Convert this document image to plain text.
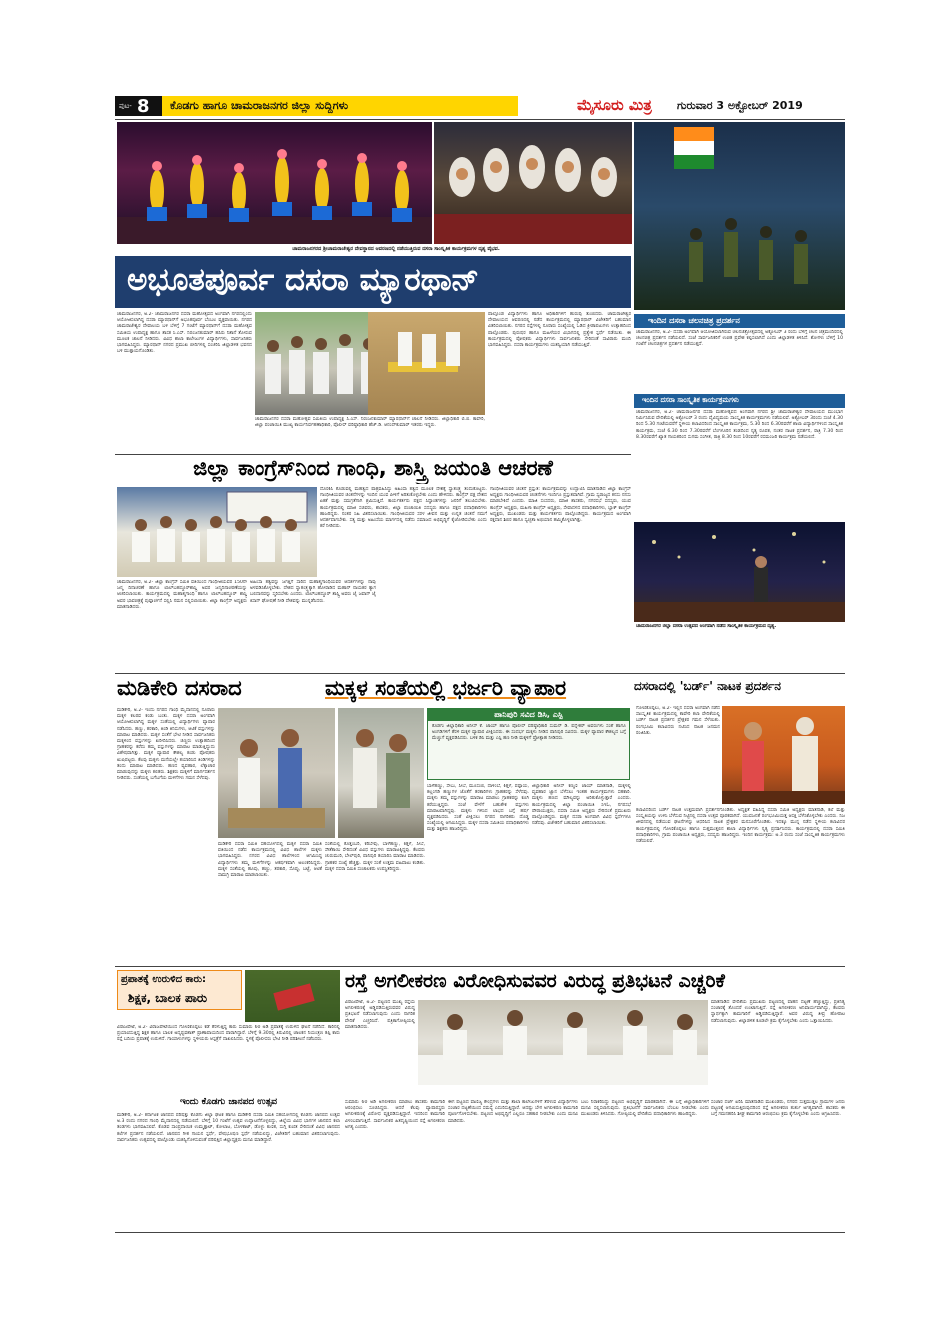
ಪುಟ- 8 ಕೊಡಗು ಹಾಗೂ ಚಾಮರಾಜನಗರ ಜಿಲ್ಲಾ ಸುದ್ದಿಗಳು	ಮೈಸೂರು ಮಿತ್ರ ಗುರುವಾರ 3 ಅಕ್ಟೋಬರ್ 2019
ಚಾಮರಾಜನಗರದ ಶ್ರೀಚಾಮರಾಜೇಶ್ವರ ದೇವಸ್ಥಾನದ ಆವರಣದಲ್ಲಿ ನಡೆಯುತ್ತಿರುವ ದಸರಾ ಸಾಂಸ್ಕೃತಿಕ ಕಾರ್ಯಕ್ರಮಗಳ ದೃಶ್ಯ ವೈಭವ.
ಅಭೂತಪೂರ್ವ ದಸರಾ ಮ್ಯಾರಥಾನ್
ಚಾಮರಾಜನಗರ, ಅ.2- ಚಾಮರಾಜನಗರ ದಸರಾ ಮಹೋತ್ಸವದ ಅಂಗವಾಗಿ ನಗರದಲ್ಲಿಂದು ಆಯೋಜಿಸಲಾಗಿದ್ದ ದಸರಾ ಮ್ಯಾರಥಾನ್‌ಗೆ ಅಭೂತಪೂರ್ವ ಬೆಂಬಲ ವ್ಯಕ್ತವಾಯಿತು. ನಗರದ ಚಾಮರಾಜೇಶ್ವರ ದೇವಾಲಯ ಬಳಿ ಬೆಳಿಗ್ಗೆ 7 ಗಂಟೆಗೆ ಮ್ಯಾರಥಾನ್‌ಗೆ ದಸರಾ ಮಹೋತ್ಸವ ಸಮಿತಿಯ ಉಪಾಧ್ಯಕ್ಷ ಹಾಗೂ ಶಾಸಕ ಸಿ.ಎಸ್. ನಿರಂಜನಕುಮಾರ್ ಹಸಿರು ನಿಶಾನೆ ತೋರುವ ಮೂಲಕ ಚಾಲನೆ ನೀಡಿದರು. ವಿವಿಧ ಶಾಲಾ ಕಾಲೇಜುಗಳ ವಿದ್ಯಾರ್ಥಿಗಳು, ಸಾರ್ವಜನಿಕರು ಭಾಗವಹಿಸಿದ್ದರು. ಮ್ಯಾರಥಾನ್ ನಗರದ ಪ್ರಮುಖ ಬೀದಿಗಳಲ್ಲಿ ಸಂಚರಿಸಿ ಜಿಲ್ಲಾಡಳಿತ ಭವನದ ಬಳಿ ಮುಕ್ತಾಯಗೊಂಡಿತು.
ಚಾಮರಾಜನಗರ ದಸರಾ ಮಹೋತ್ಸವ ಸಮಿತಿಯ ಉಪಾಧ್ಯಕ್ಷ ಸಿ.ಎಸ್. ನಿರಂಜನಕುಮಾರ್ ಮ್ಯಾರಥಾನ್‌ಗೆ ಚಾಲನೆ ನೀಡಿದರು. ಜಿಲ್ಲಾಧಿಕಾರಿ ಬಿ.ಬಿ. ಕಾವೇರಿ, ಜಿಲ್ಲಾ ಪಂಚಾಯಿತಿ ಮುಖ್ಯ ಕಾರ್ಯನಿರ್ವಹಣಾಧಿಕಾರಿ, ಪೊಲೀಸ್ ವರಿಷ್ಠಾಧಿಕಾರಿ ಹೆಚ್.ಡಿ. ಆನಂದ್‌ಕುಮಾರ್ ಇತರರು ಇದ್ದರು.
ಪಾಲ್ಗೊಂಡ ವಿದ್ಯಾರ್ಥಿಗಳು ಹಾಗೂ ಅಧಿಕಾರಿಗಳಿಗೆ ಹುರುಪು ತುಂಬಿದರು. ಚಾಮರಾಜೇಶ್ವರ ದೇವಾಲಯದ ಆವರಣದಲ್ಲಿ ನಡೆದ ಕಾರ್ಯಕ್ರಮದಲ್ಲಿ ಮ್ಯಾರಥಾನ್ ವಿಜೇತರಿಗೆ ಬಹುಮಾನ ವಿತರಿಸಲಾಯಿತು. ನಗರದ ರಸ್ತೆಗಳಲ್ಲಿ ನೂರಾರು ಸಂಖ್ಯೆಯಲ್ಲಿ ಓಡಿದ ಕ್ರೀಡಾಪಟುಗಳು ಉತ್ಸಾಹದಿಂದ ಪಾಲ್ಗೊಂಡರು. ಪುರುಷರ ಹಾಗೂ ಮಹಿಳೆಯರ ವಿಭಾಗದಲ್ಲಿ ಪ್ರತ್ಯೇಕ ಸ್ಪರ್ಧೆ ನಡೆಯಿತು. ಈ ಕಾರ್ಯಕ್ರಮದಲ್ಲಿ ಪೋಷಕರು ವಿದ್ಯಾರ್ಥಿಗಳು ಸಾರ್ವಜನಿಕರು ಸೇರಿದಂತೆ ಸಾವಿರಾರು ಮಂದಿ ಭಾಗವಹಿಸಿದ್ದರು. ದಸರಾ ಕಾರ್ಯಕ್ರಮಗಳು ಯಶಸ್ವಿಯಾಗಿ ನಡೆಯುತ್ತಿವೆ.
ಇಂದಿನ ದಸರಾ ಚಲನಚಿತ್ರ ಪ್ರದರ್ಶನ
ಚಾಮರಾಜನಗರ, ಅ.2- ದಸರಾ ಅಂಗವಾಗಿ ಆಯೋಜಿಸಲಾಗಿರುವ ಚಲನಚಿತ್ರೋತ್ಸವದಲ್ಲಿ ಅಕ್ಟೋಬರ್ 3 ರಂದು ಬೆಳಿಗ್ಗೆ ಚಲನ ಚಿತ್ರಮಂದಿರದಲ್ಲಿ ಚಲನಚಿತ್ರ ಪ್ರದರ್ಶನ ನಡೆಯಲಿದೆ. ಸಂಜೆ ಸಾರ್ವಜನಿಕರಿಗೆ ಉಚಿತ ಪ್ರವೇಶ ಕಲ್ಪಿಸಲಾಗಿದೆ ಎಂದು ಜಿಲ್ಲಾಡಳಿತ ತಿಳಿಸಿದೆ. ಶೋಗಳು ಬೆಳಿಗ್ಗೆ 10 ಗಂಟೆಗೆ ಚಲನಚಿತ್ರಗಳ ಪ್ರದರ್ಶನ ನಡೆಯುತ್ತದೆ.
ಇಂದಿನ ದಸರಾ ಸಾಂಸ್ಕೃತಿಕ ಕಾರ್ಯಕ್ರಮಗಳು
ಚಾಮರಾಜನಗರ, ಅ.2- ಚಾಮರಾಜನಗರ ದಸರಾ ಮಹೋತ್ಸವದ ಅಂಗವಾಗಿ ನಗರದ ಶ್ರೀ ಚಾಮರಾಜೇಶ್ವರ ದೇವಾಲಯದ ಮುಂಭಾಗ ನಿರ್ಮಿಸಿರುವ ವೇದಿಕೆಯಲ್ಲಿ ಅಕ್ಟೋಬರ್ 3 ರಂದು ವೈವಿಧ್ಯಮಯ ಸಾಂಸ್ಕೃತಿಕ ಕಾರ್ಯಕ್ರಮಗಳು ನಡೆಯಲಿವೆ. ಅಕ್ಟೋಬರ್ 3ರಂದು ಸಂಜೆ 4.30 ರಿಂದ 5.30 ಗಂಟೆಯವರೆಗೆ ಸ್ಥಳೀಯ ಕಲಾವಿದರಿಂದ ಸಾಂಸ್ಕೃತಿಕ ಕಾರ್ಯಕ್ರಮ, 5.30 ರಿಂದ 6.30ರವರೆಗೆ ಶಾಲಾ ವಿದ್ಯಾರ್ಥಿಗಳಿಂದ ಸಾಂಸ್ಕೃತಿಕ ಕಾರ್ಯಕ್ರಮ, ಸಂಜೆ 6.30 ರಿಂದ 7.30ರವರೆಗೆ ಬೆಂಗಳೂರಿನ ತಂಡದಿಂದ ನೃತ್ಯ ರೂಪಕ, ನಂತರ ನಾಟಕ ಪ್ರದರ್ಶನ, ರಾತ್ರಿ 7.30 ರಿಂದ 8.30ರವರೆಗೆ ಖ್ಯಾತ ಗಾಯಕರಿಂದ ಸುಗಮ ಸಂಗೀತ, ರಾತ್ರಿ 8.30 ರಿಂದ 10ರವರೆಗೆ ರಸಮಂಜರಿ ಕಾರ್ಯಕ್ರಮ ನಡೆಯಲಿದೆ.
ಚಾಮರಾಜನಗರ ಜಿಲ್ಲಾ ದಸರಾ ಉತ್ಸವದ ಅಂಗವಾಗಿ ನಡೆದ ಸಾಂಸ್ಕೃತಿಕ ಕಾರ್ಯಕ್ರಮದ ದೃಶ್ಯ.
ಜಿಲ್ಲಾ ಕಾಂಗ್ರೆಸ್‌ನಿಂದ ಗಾಂಧಿ, ಶಾಸ್ತ್ರಿ ಜಯಂತಿ ಆಚರಣೆ
ಚಾಮರಾಜನಗರ, ಅ.2- ಜಿಲ್ಲಾ ಕಾಂಗ್ರೆಸ್ ಸಮಿತಿ ವತಿಯಿಂದ ಗಾಂಧೀಜಿಯವರ 150ನೇ ಜನ್ಮ ದಿನಾಚರಣೆ ಹಾಗೂ ಲಾಲ್‌ಬಹದ್ದೂರ್‌ಶಾಸ್ತ್ರಿ ಅವರ ಜನ್ಮದಿನಾಚರಣೆಯನ್ನು ಆಚರಿಸಲಾಯಿತು. ಕಾರ್ಯಕ್ರಮದಲ್ಲಿ ಮಹಾತ್ಮಗಾಂಧಿ ಹಾಗೂ ಲಾಲ್‌ಬಹದ್ದೂರ್ ಶಾಸ್ತ್ರಿ ಅವರ ಭಾವಚಿತ್ರಕ್ಕೆ ಪುಷ್ಪಾರ್ಚನೆ ಸಲ್ಲಿಸಿ ನಮನ ಸಲ್ಲಿಸಲಾಯಿತು. ಜಿಲ್ಲಾ ಕಾಂಗ್ರೆಸ್ ಅಧ್ಯಕ್ಷರು ಮಾತನಾಡಿದರು.
ಅಹಿಂಸಾ ತತ್ವವನ್ನು ಜಗತ್ತಿಗೆ ಸಾರಿದ ಮಹಾತ್ಮಗಾಂಧಿಯವರ ಆದರ್ಶಗಳನ್ನು ನಾವು ಅಳವಡಿಸಿಕೊಳ್ಳಬೇಕು. ದೇಶದ ಸ್ವಾತಂತ್ರ್ಯಕ್ಕಾಗಿ ಹೋರಾಡಿದ ಮಹಾನ್ ನಾಯಕರ ತ್ಯಾಗ ಬಲಿದಾನವನ್ನು ಸ್ಮರಿಸಬೇಕು ಎಂದರು. ಲಾಲ್‌ಬಹದ್ದೂರ್ ಶಾಸ್ತ್ರಿ ಅವರು ಜೈ ಜವಾನ್ ಜೈ ಕಿಸಾನ್ ಘೋಷಣೆ ನೀಡಿ ದೇಶವನ್ನು ಮುನ್ನಡೆಸಿದರು.
ದೊರಕಿಸಿ ಕೊಡುವಲ್ಲಿ ಮಹತ್ವದ ಪಾತ್ರವಹಿಸಿದ್ದು ಅಹಿಂಸಾ ತತ್ವದ ಮೂಲಕ ದೇಶಕ್ಕೆ ಸ್ವಾತಂತ್ರ್ಯ ತಂದುಕೊಟ್ಟರು. ಗಾಂಧೀಜಿಯವರ ಚಿಂತನೆಗಳನ್ನು ಇಂದಿನ ಯುವ ಪೀಳಿಗೆ ಅರಿತುಕೊಳ್ಳಬೇಕು ಎಂದು ಹೇಳಿದರು. ಕಾಂಗ್ರೆಸ್ ಪಕ್ಷ ದೇಶದ ಏಕತೆ ಮತ್ತು ಸಮಗ್ರತೆಗಾಗಿ ಶ್ರಮಿಸುತ್ತಿದೆ. ಕಾರ್ಯಕರ್ತರು ಪಕ್ಷದ ಸಿದ್ಧಾಂತಗಳನ್ನು ಜನರಿಗೆ ತಲುಪಿಸಬೇಕು. ಕಾರ್ಯಕ್ರಮದಲ್ಲಿ ಮಾಜಿ ಸಚಿವರು, ಶಾಸಕರು, ಜಿಲ್ಲಾ ಪಂಚಾಯಿತಿ ಸದಸ್ಯರು ಹಾಗೂ ಪಕ್ಷದ ಪದಾಧಿಕಾರಿಗಳು ಹಾಜರಿದ್ದರು. ನಂತರ ಸಿಹಿ ವಿತರಿಸಲಾಯಿತು. ಗಾಂಧೀಜಿಯವರ ಸರಳ ಜೀವನ ಮತ್ತು ಉನ್ನತ ಚಿಂತನೆ ನಮಗೆ ಆದರ್ಶವಾಗಬೇಕು. ಸತ್ಯ ಮತ್ತು ಅಹಿಂಸೆಯ ಮಾರ್ಗದಲ್ಲಿ ನಡೆದು ಸಮಾಜದ ಅಭಿವೃದ್ಧಿಗೆ ಕೈಜೋಡಿಸಬೇಕು ಎಂದು ಕರೆ ನೀಡಿದರು.
ಗಾಂಧೀಜಿಯವರ ಚಿಂತನೆ ಪ್ರಸ್ತುತ: ಕಾರ್ಯಕ್ರಮವನ್ನು ಉದ್ಘಾಟಿಸಿ ಮಾತನಾಡಿದ ಜಿಲ್ಲಾ ಕಾಂಗ್ರೆಸ್ ಅಧ್ಯಕ್ಷರು ಗಾಂಧೀಜಿಯವರ ಚಿಂತನೆಗಳು ಇಂದಿಗೂ ಪ್ರಸ್ತುತವಾಗಿವೆ. ಗ್ರಾಮ ಸ್ವರಾಜ್ಯದ ಕನಸು ನನಸು ಮಾಡಬೇಕಿದೆ ಎಂದರು. ಮಾಜಿ ಸಂಸದರು, ಮಾಜಿ ಶಾಸಕರು, ನಗರಸಭೆ ಸದಸ್ಯರು, ಯುವ ಕಾಂಗ್ರೆಸ್ ಅಧ್ಯಕ್ಷರು, ಮಹಿಳಾ ಕಾಂಗ್ರೆಸ್ ಅಧ್ಯಕ್ಷರು, ಸೇವಾದಳದ ಪದಾಧಿಕಾರಿಗಳು, ಬ್ಲಾಕ್ ಕಾಂಗ್ರೆಸ್ ಅಧ್ಯಕ್ಷರು, ಮುಖಂಡರು ಮತ್ತು ಕಾರ್ಯಕರ್ತರು ಪಾಲ್ಗೊಂಡಿದ್ದರು. ಕಾರ್ಯಕ್ರಮದ ಅಂಗವಾಗಿ ರಕ್ತದಾನ ಶಿಬಿರ ಹಾಗೂ ಸ್ವಚ್ಛತಾ ಅಭಿಯಾನ ಹಮ್ಮಿಕೊಳ್ಳಲಾಗಿತ್ತು.
ಮಡಿಕೇರಿ ದಸರಾದ	ಮಕ್ಕಳ ಸಂತೆಯಲ್ಲಿ ಭರ್ಜರಿ ವ್ಯಾಪಾರ	ದಸರಾದಲ್ಲಿ 'ಬರ್ಡ್' ನಾಟಕ ಪ್ರದರ್ಶನ
ಮಡಿಕೇರಿ, ಅ.2- ಇಂದು ನಗರದ ಗಾಂಧಿ ಮೈದಾನದಲ್ಲಿ ನೂರಾರು ಮಕ್ಕಳ ಕಲರವ ಕಂಡು ಬಂತು. ಮಕ್ಕಳ ದಸರಾ ಅಂಗವಾಗಿ ಆಯೋಜಿಸಲಾಗಿದ್ದ ಮಕ್ಕಳ ಸಂತೆಯಲ್ಲಿ ವಿದ್ಯಾರ್ಥಿಗಳು ವ್ಯಾಪಾರ ನಡೆಸಿದರು. ಹಣ್ಣು, ತರಕಾರಿ, ತಿಂಡಿ ತಿನಿಸುಗಳು, ಆಟಿಕೆ ವಸ್ತುಗಳನ್ನು ಮಾರಾಟ ಮಾಡಿದರು. ಮಕ್ಕಳ ಸಂತೆಗೆ ಭೇಟಿ ನೀಡಿದ ಸಾರ್ವಜನಿಕರು ಮಕ್ಕಳಿಂದ ವಸ್ತುಗಳನ್ನು ಖರೀದಿಸಿದರು. ಚಿಣ್ಣರು ಉತ್ಸಾಹದಿಂದ ಗ್ರಾಹಕರನ್ನು ಕರೆದು ತಮ್ಮ ವಸ್ತುಗಳನ್ನು ಮಾರಾಟ ಮಾಡುತ್ತಿದ್ದುದು ವಿಶೇಷವಾಗಿತ್ತು. ಮಕ್ಕಳ ವ್ಯಾಪಾರ ಕೌಶಲ್ಯ ಕಂಡು ಪೋಷಕರು ಖುಷಿಪಟ್ಟರು. ಕೆಲವು ಮಕ್ಕಳು ಮನೆಯಲ್ಲೇ ತಯಾರಿಸಿದ ತಿಂಡಿಗಳನ್ನು ತಂದು ಮಾರಾಟ ಮಾಡಿದರು. ಹಣದ ವ್ಯವಹಾರ, ಲೆಕ್ಕಾಚಾರ ಮಾಡುವುದನ್ನು ಮಕ್ಕಳು ಕಲಿತರು. ಶಿಕ್ಷಕರು ಮಕ್ಕಳಿಗೆ ಮಾರ್ಗದರ್ಶನ ನೀಡಿದರು. ಸಂತೆಯಲ್ಲಿ ಬಗೆಬಗೆಯ ಮಳಿಗೆಗಳು ಗಮನ ಸೆಳೆದವು.
ಪಾನಿಪುರಿ ಸವಿದ ಡಿಸಿ, ಎಸ್ಪಿ
ಕೊಡಗು ಜಿಲ್ಲಾಧಿಕಾರಿ ಅನೀಸ್ ಕೆ. ಜಾಯ್ ಹಾಗೂ ಪೊಲೀಸ್ ವರಿಷ್ಠಾಧಿಕಾರಿ ಸುಮನ್ ಡಿ. ಪನ್ನೇಕರ್ ಅವರುಗಳು ಸಂತೆ ಹಾಗೂ ಅಂಗಡಿಗಳಿಗೆ ತೆರಳಿ ಮಕ್ಕಳ ವ್ಯಾಪಾರ ವೀಕ್ಷಿಸಿದರು. ಈ ಸಂದರ್ಭ ಮಕ್ಕಳು ನೀಡಿದ ಪಾನಿಪುರಿ ಸವಿದರು. ಮಕ್ಕಳ ವ್ಯಾಪಾರ ಕೌಶಲ್ಯದ ಬಗ್ಗೆ ಮೆಚ್ಚುಗೆ ವ್ಯಕ್ತಪಡಿಸಿದರು. ಬಳಿಕ ಡಿಸಿ ಮತ್ತು ಎಸ್ಪಿ ಹಣ ನೀಡಿ ಮಕ್ಕಳಿಗೆ ಪ್ರೋತ್ಸಾಹ ನೀಡಿದರು.
ಮಡಿಕೇರಿ ದಸರಾ ಸಮಿತಿ ಸಹಯೋಗದಲ್ಲಿ ಮಕ್ಕಳ ದಸರಾ ಸಮಿತಿ ವತಿಯಿಂದ ನಡೆದ ಕಾರ್ಯಕ್ರಮದಲ್ಲಿ ವಿವಿಧ ಶಾಲೆಗಳ ಮಕ್ಕಳು ಭಾಗವಹಿಸಿದ್ದರು. ನಗರದ ವಿವಿಧ ಶಾಲೆಗಳಿಂದ ಆಗಮಿಸಿದ್ದ ವಿದ್ಯಾರ್ಥಿಗಳು ತಮ್ಮ ಮಳಿಗೆಗಳನ್ನು ಆಕರ್ಷಕವಾಗಿ ಅಲಂಕರಿಸಿದ್ದರು. ಮಕ್ಕಳ ಸಂತೆಯಲ್ಲಿ ಹೂವು, ಹಣ್ಣು, ತರಕಾರಿ, ಸೊಪ್ಪು, ಬಟ್ಟೆ, ಆಟಿಕೆ ಸಾಮಗ್ರಿ ಮಾರಾಟ ಮಾಡಲಾಯಿತು.
ಸಂತೆಯಲ್ಲಿ ಕೊತ್ತಂಬರಿ, ಕರಿಬೇವು, ಬಾಳೆಹಣ್ಣು, ಕಿತ್ತಳೆ, ಸೀಬೆ, ಸೌತೆಕಾಯಿ ಸೇರಿದಂತೆ ವಿವಿಧ ವಸ್ತುಗಳು ಮಾರಾಟಕ್ಕಿದ್ದವು. ಕೆಲವರು ಚುರುಮುರಿ, ಬೇಲ್‌ಪುರಿ, ಪಾನಿಪುರಿ ತಯಾರಿಸಿ ಮಾರಾಟ ಮಾಡಿದರು. ಗ್ರಾಹಕರ ಸಂಖ್ಯೆ ಹೆಚ್ಚಿತ್ತು. ಮಕ್ಕಳ ಸಂತೆ ಉತ್ತಮ ವಹಿವಾಟು ಕಂಡಿತು. ಮಕ್ಕಳ ದಸರಾ ಸಮಿತಿ ಸಂಚಾಲಕರು ಉಪಸ್ಥಿತರಿದ್ದರು.
ಬಾಳೆಹಣ್ಣು, ಸೇಬು, ಸೀಬೆ, ಮೂಸಂಬಿ, ದಾಳಿಂಬೆ, ಕಿತ್ತಳೆ, ಪಪ್ಪಾಯ, ಕಲ್ಲಂಗಡಿ ಹಣ್ಣುಗಳ ಜೊತೆಗೆ ತರಕಾರಿಗಳು ಗ್ರಾಹಕರನ್ನು ಸೆಳೆದವು. ಮಕ್ಕಳು ತಮ್ಮ ವಸ್ತುಗಳನ್ನು ಮಾರಾಟ ಮಾಡಲು ಗ್ರಾಹಕರನ್ನು ಕೂಗಿ ಕರೆಯುತ್ತಿದ್ದರು. ಸಂಜೆ ವೇಳೆಗೆ ಬಹುತೇಕ ವಸ್ತುಗಳು ಮಾರಾಟವಾಗಿದ್ದವು. ಮಕ್ಕಳು ಗಳಿಸಿದ ಲಾಭದ ಬಗ್ಗೆ ಹರ್ಷ ವ್ಯಕ್ತಪಡಿಸಿದರು. ಸಂತೆ ವೀಕ್ಷಿಸಲು ನಗರದ ನಾಗರಿಕರು ದೊಡ್ಡ ಸಂಖ್ಯೆಯಲ್ಲಿ ಆಗಮಿಸಿದ್ದರು. ಮಕ್ಕಳ ದಸರಾ ಸಮಿತಿಯ ಪದಾಧಿಕಾರಿಗಳು ಮತ್ತು ಶಿಕ್ಷಕರು ಹಾಜರಿದ್ದರು.
ಜಿಲ್ಲಾಧಿಕಾರಿ ಅನೀಸ್ ಕಣ್ಮಣಿ ಜಾಯ್ ಮಾತನಾಡಿ, ಮಕ್ಕಳಲ್ಲಿ ವ್ಯವಹಾರ ಜ್ಞಾನ ಬೆಳೆಸಲು ಇಂತಹ ಕಾರ್ಯಕ್ರಮಗಳು ಸಹಕಾರಿ. ಮಕ್ಕಳು ಹಣದ ಮೌಲ್ಯವನ್ನು ಅರಿತುಕೊಳ್ಳುತ್ತಾರೆ ಎಂದರು. ಕಾರ್ಯಕ್ರಮದಲ್ಲಿ ಜಿಲ್ಲಾ ಪಂಚಾಯಿತಿ ಸಿಇಓ, ನಗರಸಭೆ ಪೌರಾಯುಕ್ತರು, ದಸರಾ ಸಮಿತಿ ಅಧ್ಯಕ್ಷರು ಸೇರಿದಂತೆ ಪ್ರಮುಖರು ಪಾಲ್ಗೊಂಡಿದ್ದರು. ಮಕ್ಕಳ ದಸರಾ ಅಂಗವಾಗಿ ವಿವಿಧ ಸ್ಪರ್ಧೆಗಳೂ ನಡೆದವು. ವಿಜೇತರಿಗೆ ಬಹುಮಾನ ವಿತರಿಸಲಾಯಿತು.
ಗೋಣಿಕೊಪ್ಪಲು, ಅ.2- ಇಲ್ಲಿನ ದಸರಾ ಅಂಗವಾಗಿ ನಡೆದ ಸಾಂಸ್ಕೃತಿಕ ಕಾರ್ಯಕ್ರಮದಲ್ಲಿ ಕಾವೇರಿ ಕಲಾ ವೇದಿಕೆಯಲ್ಲಿ ಬರ್ಡ್ ನಾಟಕ ಪ್ರದರ್ಶನ ಪ್ರೇಕ್ಷಕರ ಗಮನ ಸೆಳೆಯಿತು. ರಂಗಭೂಮಿ ಕಲಾವಿದರು ನಟಿಸಿದ ನಾಟಕ ಜನಮನ ರಂಜಿಸಿತು.
ಕಲಾವಿದರಿಂದ ಬರ್ಡ್ ನಾಟಕ ಉತ್ತಮವಾಗಿ ಪ್ರದರ್ಶನಗೊಂಡಿತು. ಅಧ್ಯಕ್ಷತೆ ವಹಿಸಿದ್ದ ದಸರಾ ಸಮಿತಿ ಅಧ್ಯಕ್ಷರು ಮಾತನಾಡಿ, ಕಲೆ ಮತ್ತು ಸಂಸ್ಕೃತಿಯನ್ನು ಉಳಿಸಿ ಬೆಳೆಸುವ ನಿಟ್ಟಿನಲ್ಲಿ ದಸರಾ ಉತ್ಸವ ಪೂರಕವಾಗಿದೆ. ಯುವಜನತೆ ರಂಗಭೂಮಿಯತ್ತ ಆಸಕ್ತಿ ಬೆಳೆಸಿಕೊಳ್ಳಬೇಕು ಎಂದರು. ನಿಜ ಜೀವನದಲ್ಲಿ ನಡೆಯುವ ಘಟನೆಗಳನ್ನು ಆಧರಿಸಿದ ನಾಟಕ ಪ್ರೇಕ್ಷಕರ ಮನಸೂರೆಗೊಂಡಿತು. ಇದಕ್ಕೂ ಮುನ್ನ ನಡೆದ ಸ್ಥಳೀಯ ಕಲಾವಿದರ ಕಾರ್ಯಕ್ರಮದಲ್ಲಿ ಗೋಣಿಕೊಪ್ಪಲು ಹಾಗೂ ಸುತ್ತಮುತ್ತಲಿನ ಶಾಲಾ ವಿದ್ಯಾರ್ಥಿಗಳು ನೃತ್ಯ ಪ್ರದರ್ಶಿಸಿದರು. ಕಾರ್ಯಕ್ರಮದಲ್ಲಿ ದಸರಾ ಸಮಿತಿ ಪದಾಧಿಕಾರಿಗಳು, ಗ್ರಾಮ ಪಂಚಾಯಿತಿ ಅಧ್ಯಕ್ಷರು, ಸದಸ್ಯರು ಹಾಜರಿದ್ದರು. ಇಂದಿನ ಕಾರ್ಯಕ್ರಮ: ಅ.3 ರಂದು ಸಂಜೆ ಸಾಂಸ್ಕೃತಿಕ ಕಾರ್ಯಕ್ರಮಗಳು ನಡೆಯಲಿವೆ.
ಪ್ರಪಾತಕ್ಕೆ ಉರುಳಿದ ಕಾರು:
ಶಿಕ್ಷಕ, ಬಾಲಕ ಪಾರು
ವಿರಾಜಪೇಟೆ, ಅ.2- ವಿರಾಜಪೇಟೆಯಿಂದ ಗೋಣಿಕೊಪ್ಪಲು ಕಡೆ ತೆರಳುತ್ತಿದ್ದ ಕಾರು ಸುಮಾರು 60 ಅಡಿ ಪ್ರಪಾತಕ್ಕೆ ಉರುಳಿದ ಘಟನೆ ನಡೆದಿದೆ. ಕಾರಿನಲ್ಲಿ ಪ್ರಯಾಣಿಸುತ್ತಿದ್ದ ಶಿಕ್ಷಕ ಹಾಗೂ ಬಾಲಕ ಅದೃಷ್ಟವಶಾತ್ ಪ್ರಾಣಾಪಾಯದಿಂದ ಪಾರಾಗಿದ್ದಾರೆ. ಬೆಳಿಗ್ಗೆ 9.30ರಲ್ಲಿ ತಿರುವಿನಲ್ಲಿ ಚಾಲಕನ ನಿಯಂತ್ರಣ ತಪ್ಪಿ ಕಾರು ರಸ್ತೆ ಬದಿಯ ಪ್ರಪಾತಕ್ಕೆ ಉರುಳಿದೆ. ಗಾಯಾಳುಗಳನ್ನು ಸ್ಥಳೀಯರು ಆಸ್ಪತ್ರೆಗೆ ದಾಖಲಿಸಿದರು. ಸ್ಥಳಕ್ಕೆ ಪೊಲೀಸರು ಭೇಟಿ ನೀಡಿ ಪರಿಶೀಲನೆ ನಡೆಸಿದರು.
ರಸ್ತೆ ಅಗಲೀಕರಣ ವಿರೋಧಿಸುವವರ ವಿರುದ್ಧ ಪ್ರತಿಭಟನೆ ಎಚ್ಚರಿಕೆ
ವಿರಾಜಪೇಟೆ, ಅ.2- ಪಟ್ಟಣದ ಮುಖ್ಯ ರಸ್ತೆಯ ಅಗಲೀಕರಣಕ್ಕೆ ಅಡ್ಡಿಪಡಿಸುತ್ತಿರುವವರ ವಿರುದ್ಧ ಪ್ರತಿಭಟನೆ ನಡೆಸಲಾಗುವುದು ಎಂದು ನಾಗರಿಕ ವೇದಿಕೆ ಎಚ್ಚರಿಸಿದೆ. ಪತ್ರಿಕಾಗೋಷ್ಠಿಯಲ್ಲಿ ಮಾತನಾಡಿದರು.
ಮಾತನಾಡಿದ ವೇದಿಕೆಯ ಪ್ರಮುಖರು ಪಟ್ಟಣದಲ್ಲಿ ವಾಹನ ದಟ್ಟಣೆ ಹೆಚ್ಚುತ್ತಿದ್ದು, ಪ್ರತಿನಿತ್ಯ ಸಂಚಾರಕ್ಕೆ ತೊಂದರೆ ಉಂಟಾಗುತ್ತಿದೆ. ರಸ್ತೆ ಅಗಲೀಕರಣ ಅನಿವಾರ್ಯವಾಗಿದ್ದು, ಕೆಲವರು ಸ್ವಾರ್ಥಕ್ಕಾಗಿ ಕಾಮಗಾರಿಗೆ ಅಡ್ಡಿಪಡಿಸುತ್ತಿದ್ದಾರೆ. ಅವರ ವಿರುದ್ಧ ತೀವ್ರ ಹೋರಾಟ ನಡೆಸಲಾಗುವುದು. ಜಿಲ್ಲಾಡಳಿತ ಕೂಡಲೇ ಕ್ರಮ ಕೈಗೊಳ್ಳಬೇಕು ಎಂದು ಒತ್ತಾಯಿಸಿದರು.
ಸುಮಾರು 60 ಅಡಿ ಅಗಲೀಕರಣ ಮಾಡಲು ಶಾಸಕರು ಕಾಮಗಾರಿ ಆರಂಭಿಸಲು ಸೂಚಿಸಿದ್ದರು. ಆದರೆ ಕೆಲವು ವ್ಯಾಪಾರಸ್ಥರು ಅಗಲೀಕರಣಕ್ಕೆ ವಿರೋಧ ವ್ಯಕ್ತಪಡಿಸುತ್ತಿದ್ದಾರೆ. ಇದರಿಂದ ಕಾಮಗಾರಿ ವಿಳಂಬವಾಗುತ್ತಿದೆ. ಸಾರ್ವಜನಿಕರ ಹಿತದೃಷ್ಟಿಯಿಂದ ರಸ್ತೆ ಅಗಲೀಕರಣ ಅಗತ್ಯ ಎಂದರು.
ಈಗ ಪಟ್ಟಣದ ವಾಣಿಜ್ಯ ಕೇಂದ್ರಗಳು ಮತ್ತು ಶಾಲಾ ಕಾಲೇಜುಗಳಿಗೆ ತೆರಳುವ ವಿದ್ಯಾರ್ಥಿಗಳು ಸಂಚಾರ ದಟ್ಟಣೆಯಿಂದ ಸಮಸ್ಯೆ ಎದುರಿಸುತ್ತಿದ್ದಾರೆ. ಆದಷ್ಟು ಬೇಗ ಅಗಲೀಕರಣ ಕಾಮಗಾರಿ ಪೂರ್ಣಗೊಳಿಸಬೇಕು. ಪಟ್ಟಣದ ಅಭಿವೃದ್ಧಿಗೆ ಎಲ್ಲರೂ ಸಹಕಾರ ನೀಡಬೇಕು ಎಂದು ಮನವಿ ಮಾಡಿದರು.
ಬಲು ನಿರಾಕರಿಸಿದ್ದು ಪಟ್ಟಣದ ಅಭಿವೃದ್ಧಿಗೆ ಮಾರಕವಾಗಿದೆ. ಈ ಬಗ್ಗೆ ಜಿಲ್ಲಾಧಿಕಾರಿಗಳಿಗೆ ಮನವಿ ಸಲ್ಲಿಸಲಾಗುವುದು. ಪ್ರತಿಭಟನೆಗೆ ಸಾರ್ವಜನಿಕರು ಬೆಂಬಲ ನೀಡಬೇಕು ಎಂದು ಮುಖಂಡರು ತಿಳಿಸಿದರು. ಗೋಷ್ಠಿಯಲ್ಲಿ ವೇದಿಕೆಯ ಪದಾಧಿಕಾರಿಗಳು ಹಾಜರಿದ್ದರು.
ಸಂಚಾರ ದರ್ಜೆ ಏರಿಸಿ ಮಾತನಾಡಿದ ಮುಖಂಡರು, ನಗರದ ಸುತ್ತಮುತ್ತಲ ಗ್ರಾಮಗಳ ಜನರು ಪಟ್ಟಣಕ್ಕೆ ಆಗಮಿಸುತ್ತಿರುವುದರಿಂದ ರಸ್ತೆ ಅಗಲೀಕರಣ ತುರ್ತು ಅಗತ್ಯವಾಗಿದೆ. ಶಾಸಕರು ಈ ಬಗ್ಗೆ ಗಮನಹರಿಸಿ ಶೀಘ್ರ ಕಾಮಗಾರಿ ಆರಂಭಿಸಲು ಕ್ರಮ ಕೈಗೊಳ್ಳಬೇಕು ಎಂದು ಆಗ್ರಹಿಸಿದರು.
ಇಂದು ಕೊಡಗು ಜಾನಪದ ಉತ್ಸವ
ಮಡಿಕೇರಿ, ಅ.2- ಕರ್ನಾಟಕ ಜಾನಪದ ಪರಿಷತ್ತು ಕೊಡಗು ಜಿಲ್ಲಾ ಘಟಕ ಹಾಗೂ ಮಡಿಕೇರಿ ದಸರಾ ಸಮಿತಿ ಸಹಯೋಗದಲ್ಲಿ ಕೊಡಗು ಜಾನಪದ ಉತ್ಸವ ಅ.3 ರಂದು ನಗರದ ಗಾಂಧಿ ಮೈದಾನದಲ್ಲಿ ನಡೆಯಲಿದೆ. ಬೆಳಿಗ್ಗೆ 10 ಗಂಟೆಗೆ ಉತ್ಸವ ಉದ್ಘಾಟನೆಗೊಳ್ಳಲಿದ್ದು, ಜಿಲ್ಲೆಯ ವಿವಿಧ ಭಾಗಗಳ ಜಾನಪದ ಕಲಾ ತಂಡಗಳು ಭಾಗವಹಿಸಲಿವೆ. ಕೊಡವ ಸಾಂಪ್ರದಾಯಿಕ ಉಮ್ಮತ್ತಾಟ್, ಕೋಲಾಟ, ಬೊಳಕಾಟ್, ಡೊಳ್ಳು ಕುಣಿತ, ಸುಗ್ಗಿ ಕುಣಿತ ಸೇರಿದಂತೆ ವಿವಿಧ ಜಾನಪದ ಕಲೆಗಳ ಪ್ರದರ್ಶನ ನಡೆಯಲಿದೆ. ಜಾನಪದ ಗೀತ ಗಾಯನ ಸ್ಪರ್ಧೆ, ವೇಷಭೂಷಣ ಸ್ಪರ್ಧೆ ನಡೆಯಲಿದ್ದು, ವಿಜೇತರಿಗೆ ಬಹುಮಾನ ವಿತರಿಸಲಾಗುವುದು. ಸಾರ್ವಜನಿಕರು ಉತ್ಸವದಲ್ಲಿ ಪಾಲ್ಗೊಂಡು ಯಶಸ್ವಿಗೊಳಿಸುವಂತೆ ಪರಿಷತ್ತಿನ ಜಿಲ್ಲಾಧ್ಯಕ್ಷರು ಮನವಿ ಮಾಡಿದ್ದಾರೆ.
